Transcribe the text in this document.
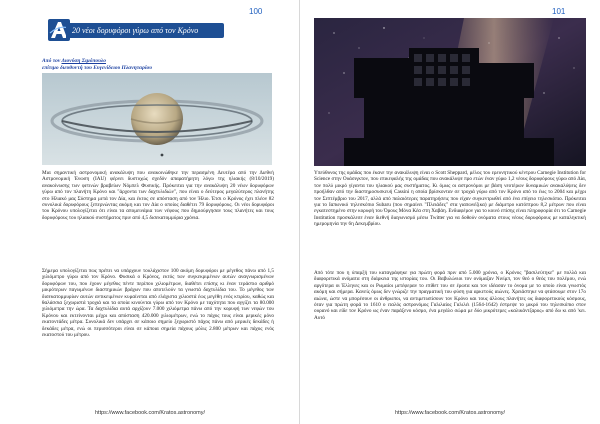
100
20 νέοι δορυφόροι γύρω από τον Κρόνο
Από τον Διονύση Σιμόπουλο
επίτιμο διευθυντή του Ευγενίδειου Πλανηταρίου
Μια σημαντική αστρονομική ανακάλυψη που ανακοινώθηκε την περασμένη Δευτέρα από την Διεθνή Αστρονομική Ένωση (IAU) φέρνει δυστυχώς σχεδόν απαρατήρητη λόγω της ηλιακής (8/10/2019) ανακοίνωσης των φετινών βραβείων Νόμπελ Φυσικής. Πρόκειται για την ανακάλυψη 20 νέων δορυφόρων γύρω από τον πλανήτη Κρόνο και "άρχοντα των δαχτυλιδιών", που είναι ο δεύτερος μεγαλύτερος πλανήτης στο Ηλιακό μας Σύστημα μετά τον Δία, και έκτος σε απόσταση από τον Ήλιο. Έτσι ο Κρόνος έχει πλέον 82 συνολικά δορυφόρους ξεπερνώντας ακόμη και τον Δία ο οποίος διαθέτει 79 δορυφόρους. Οι νέοι δορυφόροι του Κρόνου υπολογίζεται ότι είναι τα απομεινάρια των νέφους που δημιούργησαν τους πλανήτες και τους δορυφόρους του ηλιακού συστήματος πριν από 4,5 δισεκατομμύρια χρόνια.
Σήμερα υπολογίζεται πως πρέπει να υπάρχουν τουλάχιστον 100 ακόμη δορυφόροι με μέγεθος πάνω από 1,5 χιλιόμετρο γύρω από τον Κρόνο. Φυσικά ο Κρόνος, εκτός των συγκεκριμένων αυτών αναγνωρισμένων δορυφόρων του, που έχουν μέγεθος πέντε περίπου χιλιομέτρων, διαθέτει επίσης κι έναν τεράστιο αριθμό μικρότερων παγωμένων διαστημικών βράχων που αποτελούν τα γνωστά δαχτυλίδια του. Το μέγεθος των δισεκατομμυρίων αυτών αντικειμένων κυμαίνεται από ελάχιστα χιλιοστά έως μεγέθη ενός κτιρίου, καθώς και θαλάσσια ξεχωριστά τροχιά και τα οποία κινούνται γύρω από τον Κρόνο με ταχύτητα που αγγίζει τα 80.000 χιλιόμετρα την ώρα. Τα δαχτυλίδια αυτά αρχίζουν 7.000 χιλιόμετρα πάνω από την κορυφή των νεφών του Κρόνου και εκτείνονται μέχρι και απόσταση 420.000 χιλιομέτρων, ενώ το πάχος τους είναι μερικές μόνο εκατοντάδες μέτρα. Συνολικά δεν υπάρχει σε κάποιο σημείο ξεχωριστό πάχος πάνω από μερικές δεκάδες ή δεκάδες μέτρα, ενώ οι περισσότεροι είναι σε κάποια σημεία πάχους μόλις 2.800 μέτρων και πάχος ενός εκατοστού του μέτρου.
https://www.facebook.com/Kratos.astronomy/
101
Υπεύθυνος της ομάδας που έκανε την ανακάλυψη είναι ο Scott Sheppard, μέλος του ερευνητικού κέντρου Carnegie Institution for Science στην Ουάσιγκτον, που επικεφαλής της ομάδας που ανακάλυψε προ ετών έναν γύρω 1,2 νέους δορυφόρους γύρω από Δία, τον πολύ μικρό γίγαντα του ηλιακού μας συστήματος. Κι όμως οι αστρονόμοι με βάση νεοτέρων δυναμικών ανακαλύψεις δεν προήλθαν από την διαστημοσυσκευή Cassini η οποία βρίσκονταν σε τροχιά γύρω από τον Κρόνο από το έως το 2004 και μέχρι τον Σεπτέμβριο του 2017, αλλά από παλαιότερες παρατηρήσεις που είχαν συγκεντρωθεί από ένα επίγειο τηλεσκόπιο. Πρόκειται για το Ιαπωνικό τηλεσκόπιο Subaru (που σημαίνει "Πλειάδες" στα γιαπωνέζικα) με διάμετρο κατόπτρου 8,2 μέτρων που είναι εγκατεστημένο στην κορυφή του Όρους Μόνα Κέα στη Χαβάη. Ενδιαφέρον για το κοινό επίσης είναι πληροφορία ότι το Carnegie Institution προσκάλεσε έναν διεθνή διαγωνισμό μέσω Twitter για να δοθούν ονόματα στους νέους δορυφόρους με καταληκτική ημερομηνία την 6η Δεκεμβρίου.
Από τότε που η ύπαρξή του καταγράφηκε για πρώτη φορά πριν από 5.000 χρόνια, ο Κρόνος "βασιλεύτηκε" με πολλά και διαφορετικά ονόματα στη διάρκεια της ιστορίας του. Οι Βαβυλώνιοι τον ονόμαζαν Νινίμπ, τον θεό ο θεός του πολέμου, ενώ αργότερα οι Έλληνες και οι Ρωμαίοι μετέφεραν το επίθετ του σε έρωτα και τον ιδέασαν το όνομα με το οποίο είναι γνωστός ακόμη και σήμερα. Κανείς όμως δεν γνώριζε την πραγματική του φύση για αρκετούς αιώνες. Χρειάστηκε να φτάσουμε στον 17ο αιώνα, ώστε να μπορέσουν οι άνθρωποι, να αντιμετωπίσουν τον Κρόνο και τους άλλους πλανήτες ως διαφορετικούς κόσμους, όταν για πρώτη φορά το 1610 ο ιταλός αστρονόμος Γαλιλαίος Γαλιλέι (1564-1642) έστρεψε το μικρό του τηλεσκόπιο στον ουρανό και είδε τον Κρόνο ως έναν παράξενο κόσμο, ένα μεγάλο σώμα με δύο μικρότερες «καλικάντζαρος» από δω κι από 'κει. Αυτό
https://www.facebook.com/Kratos.astronomy/
